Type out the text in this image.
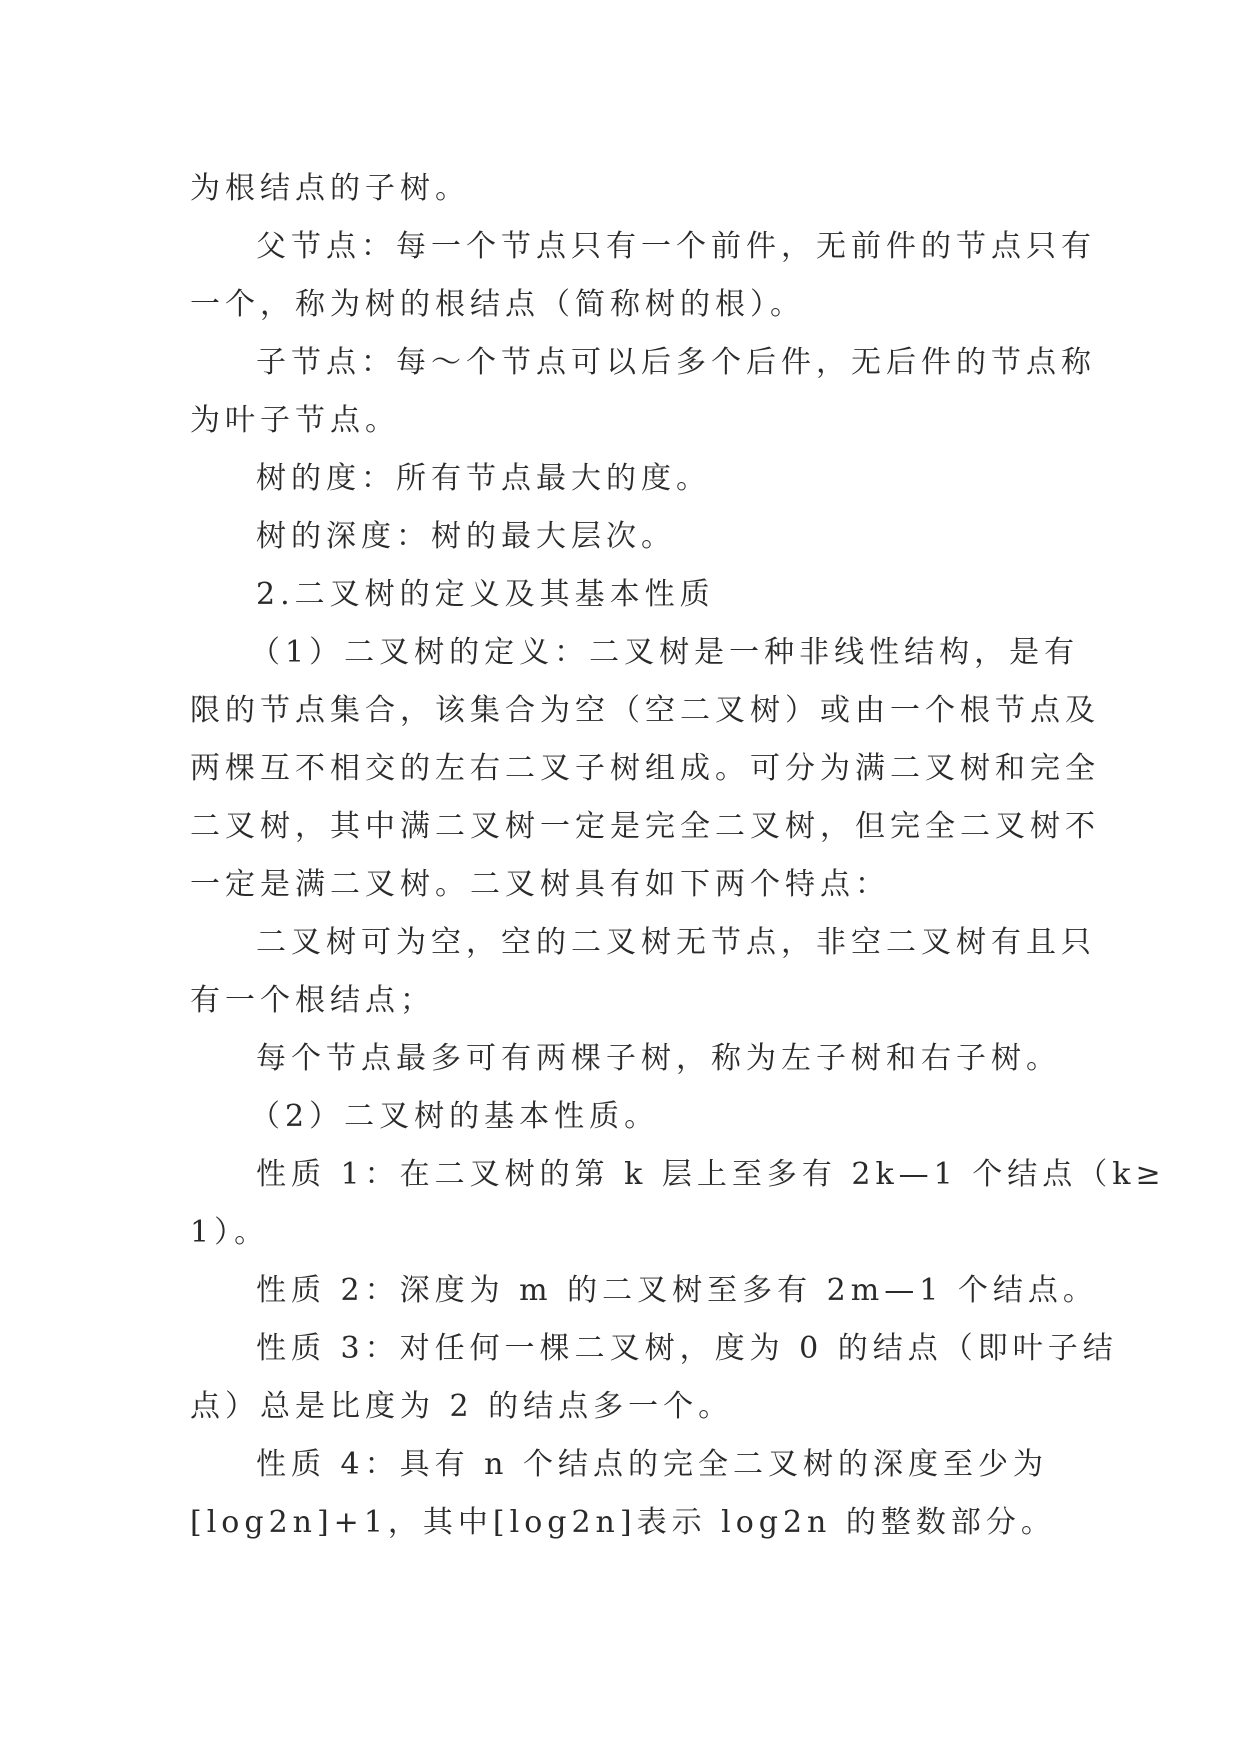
为根结点的子树。
父节点：每一个节点只有一个前件，无前件的节点只有
一个，称为树的根结点（简称树的根）。
子节点：每～个节点可以后多个后件，无后件的节点称
为叶子节点。
树的度：所有节点最大的度。
树的深度：树的最大层次。
2.二叉树的定义及其基本性质
（1）二叉树的定义：二叉树是一种非线性结构，是有
限的节点集合，该集合为空（空二叉树）或由一个根节点及
两棵互不相交的左右二叉子树组成。可分为满二叉树和完全
二叉树，其中满二叉树一定是完全二叉树，但完全二叉树不
一定是满二叉树。二叉树具有如下两个特点：
二叉树可为空，空的二叉树无节点，非空二叉树有且只
有一个根结点；
每个节点最多可有两棵子树，称为左子树和右子树。
（2）二叉树的基本性质。
性质 1：在二叉树的第 k 层上至多有 2k—1 个结点（k≥
1）。
性质 2：深度为 m 的二叉树至多有 2m—1 个结点。
性质 3：对任何一棵二叉树，度为 0 的结点（即叶子结
点）总是比度为 2 的结点多一个。
性质 4：具有 n 个结点的完全二叉树的深度至少为
[log2n]+1，其中[log2n]表示 log2n 的整数部分。
